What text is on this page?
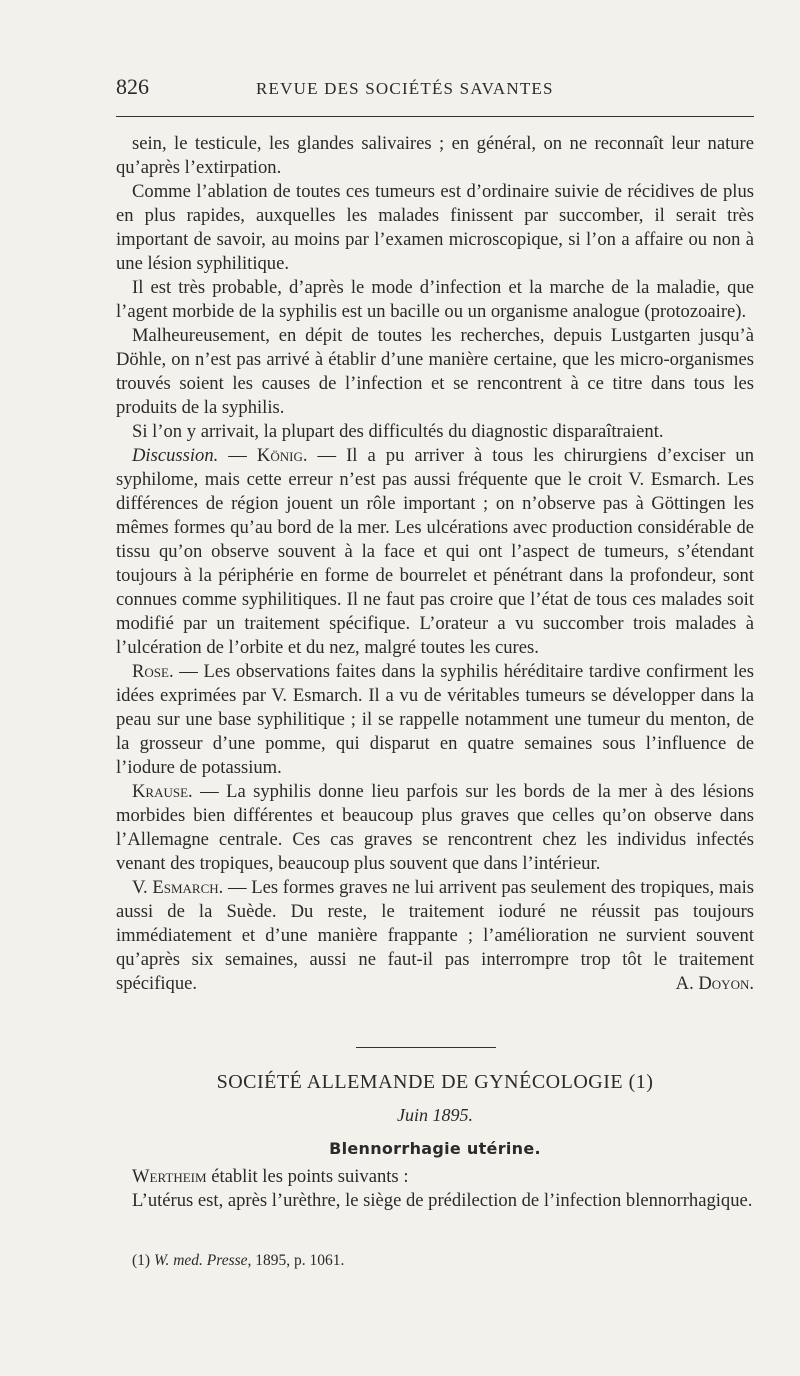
826	REVUE DES SOCIÉTÉS SAVANTES

sein, le testicule, les glandes salivaires ; en général, on ne reconnaît leur nature qu’après l’extirpation.

Comme l’ablation de toutes ces tumeurs est d’ordinaire suivie de récidives de plus en plus rapides, auxquelles les malades finissent par succomber, il serait très important de savoir, au moins par l’examen microscopique, si l’on a affaire ou non à une lésion syphilitique.

Il est très probable, d’après le mode d’infection et la marche de la maladie, que l’agent morbide de la syphilis est un bacille ou un organisme analogue (protozoaire).

Malheureusement, en dépit de toutes les recherches, depuis Lustgarten jusqu’à Döhle, on n’est pas arrivé à établir d’une manière certaine, que les micro-organismes trouvés soient les causes de l’infection et se rencontrent à ce titre dans tous les produits de la syphilis.

Si l’on y arrivait, la plupart des difficultés du diagnostic disparaîtraient.

Discussion. — König. — Il a pu arriver à tous les chirurgiens d’exciser un syphilome, mais cette erreur n’est pas aussi fréquente que le croit V. Esmarch. Les différences de région jouent un rôle important ; on n’observe pas à Göttingen les mêmes formes qu’au bord de la mer. Les ulcérations avec production considérable de tissu qu’on observe souvent à la face et qui ont l’aspect de tumeurs, s’étendant toujours à la périphérie en forme de bourrelet et pénétrant dans la profondeur, sont connues comme syphilitiques. Il ne faut pas croire que l’état de tous ces malades soit modifié par un traitement spécifique. L’orateur a vu succomber trois malades à l’ulcération de l’orbite et du nez, malgré toutes les cures.

Rose. — Les observations faites dans la syphilis héréditaire tardive confirment les idées exprimées par V. Esmarch. Il a vu de véritables tumeurs se développer dans la peau sur une base syphilitique ; il se rappelle notamment une tumeur du menton, de la grosseur d’une pomme, qui disparut en quatre semaines sous l’influence de l’iodure de potassium.

Krause. — La syphilis donne lieu parfois sur les bords de la mer à des lésions morbides bien différentes et beaucoup plus graves que celles qu’on observe dans l’Allemagne centrale. Ces cas graves se rencontrent chez les individus infectés venant des tropiques, beaucoup plus souvent que dans l’intérieur.

V. Esmarch. — Les formes graves ne lui arrivent pas seulement des tropiques, mais aussi de la Suède. Du reste, le traitement ioduré ne réussit pas toujours immédiatement et d’une manière frappante ; l’amélioration ne survient souvent qu’après six semaines, aussi ne faut-il pas interrompre trop tôt le traitement spécifique.	A. Doyon.

SOCIÉTÉ ALLEMANDE DE GYNÉCOLOGIE (1)
Juin 1895.
Blennorrhagie utérine.

Wertheim établit les points suivants :

L’utérus est, après l’urèthre, le siège de prédilection de l’infection blennorrhagique.

(1) W. med. Presse, 1895, p. 1061.
